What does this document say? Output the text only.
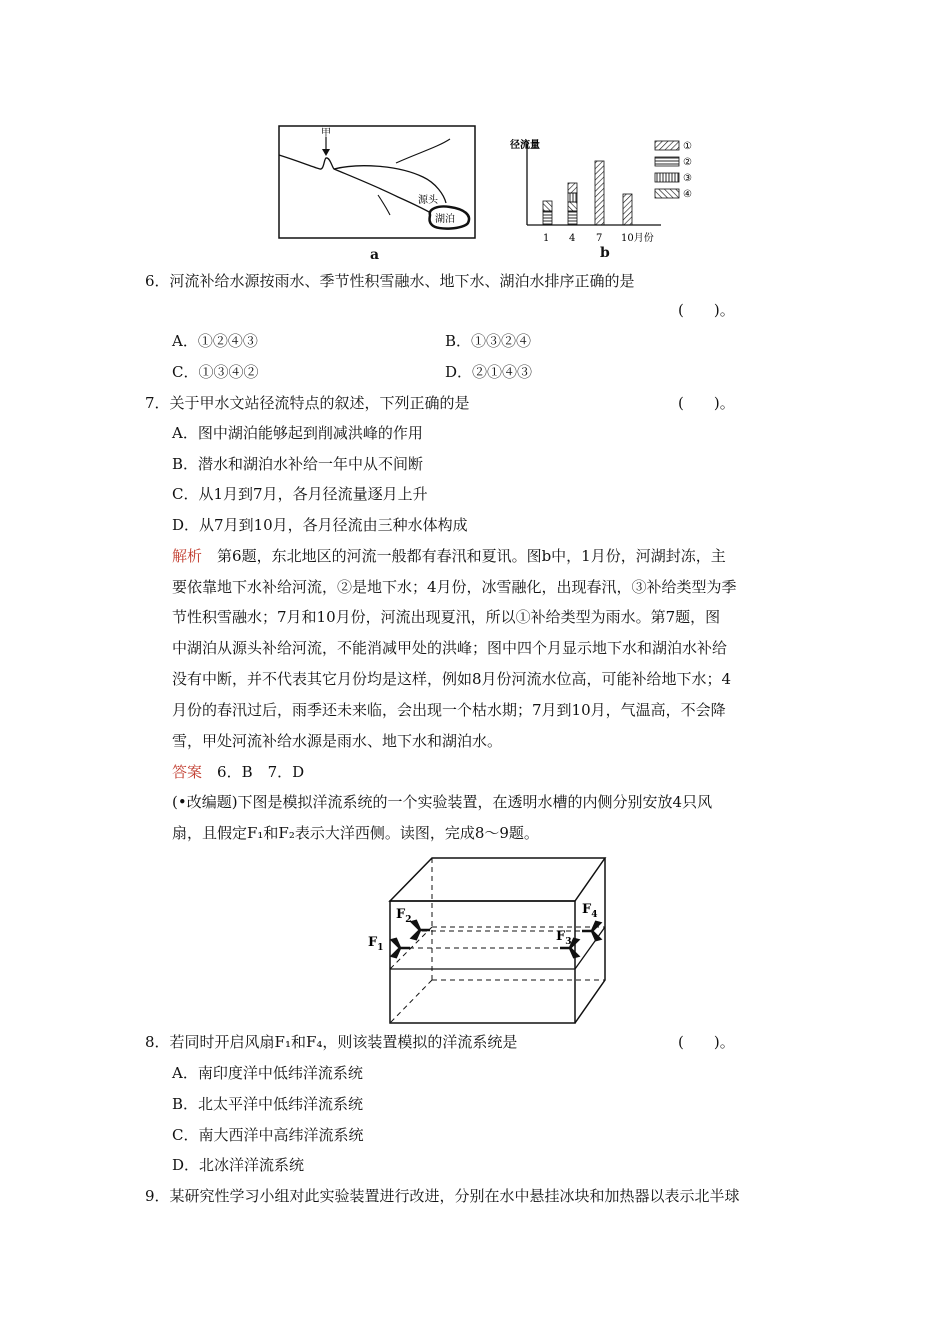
甲
源头
湖泊
a
径流量
1 4 7 10月份
①
②
③
④
b
6．河流补给水源按雨水、季节性积雪融水、地下水、湖泊水排序正确的是
(　　)。
A．①②④③	B．①③②④
C．①③④②	D．②①④③
7．关于甲水文站径流特点的叙述，下列正确的是	(　　)。
A．图中湖泊能够起到削减洪峰的作用
B．潜水和湖泊水补给一年中从不间断
C．从1月到7月，各月径流量逐月上升
D．从7月到10月，各月径流由三种水体构成
解析　 第6题，东北地区的河流一般都有春汛和夏讯。图b中，1月份，河湖封冻，主
要依靠地下水补给河流，②是地下水；4月份，冰雪融化，出现春汛，③补给类型为季
节性积雪融水；7月和10月份，河流出现夏汛，所以①补给类型为雨水。第7题，图
中湖泊从源头补给河流，不能消减甲处的洪峰；图中四个月显示地下水和湖泊水补给
没有中断，并不代表其它月份均是这样，例如8月份河流水位高，可能补给地下水；4
月份的春汛过后，雨季还未来临，会出现一个枯水期；7月到10月，气温高，不会降
雪，甲处河流补给水源是雨水、地下水和湖泊水。
答案　 6．B　7．D
(•改编题)下图是模拟洋流系统的一个实验装置，在透明水槽的内侧分别安放4只风
扇，且假定F₁和F₂表示大洋西侧。读图，完成8～9题。
$F_2$
$F_1$
$F_3$
$F_4$
8．若同时开启风扇F₁和F₄，则该装置模拟的洋流系统是	(　　)。
A．南印度洋中低纬洋流系统
B．北太平洋中低纬洋流系统
C．南大西洋中高纬洋流系统
D．北冰洋洋流系统
9．某研究性学习小组对此实验装置进行改进，分别在水中悬挂冰块和加热器以表示北半球
